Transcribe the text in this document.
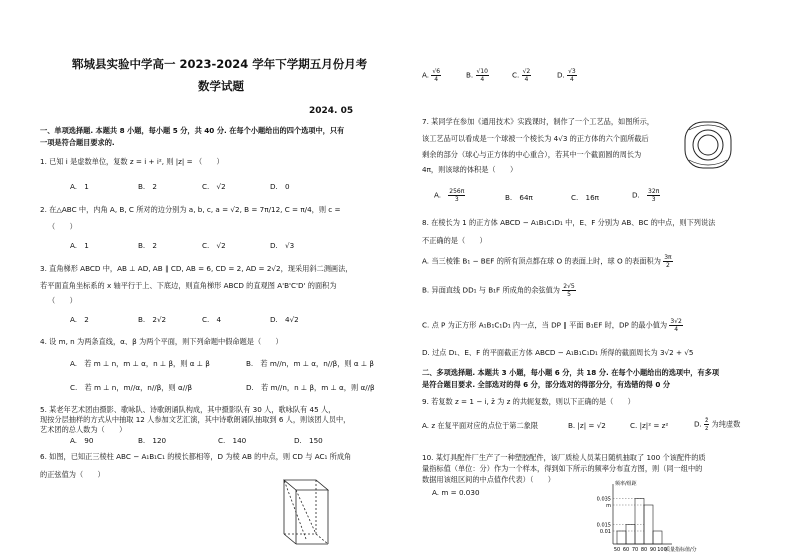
郓城县实验中学高一 2023-2024 学年下学期五月份月考
数学试题
2024. 05
一、单项选择题. 本题共 8 小题，每小题 5 分，共 40 分. 在每个小题给出的四个选项中，只有
一项是符合题目要求的.
1. 已知 i 是虚数单位，复数 z = i + i², 则 |z| = （　　）
A.　1	B.　2	C.　√2	D.　0
2. 在△ABC 中，内角 A, B, C 所对的边分别为 a, b, c, a = √2, B = 7π/12, C = π/4，则 c =
（　　）
A.　1	B.　2	C.　√2	D.　√3
3. 直角梯形 ABCD 中，AB ⊥ AD, AB ∥ CD, AB = 6, CD = 2, AD = 2√2，现采用斜二测画法，
若平面直角坐标系的 x 轴平行于上、下底边，则直角梯形 ABCD 的直观图 A'B'C'D' 的面积为
（　　）
A.　2	B.　2√2	C.　4	D.　4√2
4. 设 m, n 为两条直线，α、β 为两个平面，则下列命题中假命题是（　　）
A.　若 m ⊥ n，m ⊥ α，n ⊥ β，则 α ⊥ β	B.　若 m//n，m ⊥ α，n//β，则 α ⊥ β
C.　若 m ⊥ n，m//α，n//β，则 α//β	D.　若 m//n，n ⊥ β，m ⊥ α，则 α//β
5. 某老年艺术团由摄影、歌咏队、诗歌朗诵队构成，其中摄影队有 30 人，歌咏队有 45 人，
现按分层抽样的方式从中抽取 12 人参加文艺汇演，其中诗歌朗诵队抽取到 6 人，则该团人员中，
艺术团的总人数为（　　）
A.　90	B.　120	C.　140	D.　150
6. 如图，已知正三棱柱 ABC − A₁B₁C₁ 的棱长都相等，D 为棱 AB 的中点，则 CD 与 AC₁ 所成角
的正弦值为（　　）
A. $\frac{√6}{4}$	B. $\frac{√10}{4}$	C. $\frac{√2}{4}$	D. $\frac{√3}{4}$
7. 某同学在参加《通用技术》实践课时，制作了一个工艺品，如图所示，
该工艺品可以看成是一个球被一个棱长为 4√3 的正方体的六个面所截后
剩余的部分（球心与正方体的中心重合），若其中一个截面圆的周长为
4π，则该球的体积是（　　）
A.　 $\frac{256\pi}{3}$	B.　64π	C.　16π	D.　 $\frac{32\pi}{3}$
8. 在棱长为 1 的正方体 ABCD − A₁B₁C₁D₁ 中，E、F 分别为 AB、BC 的中点，则下列说法
不正确的是（　　）
A. 当三棱锥 B₁ − BEF 的所有顶点都在球 O 的表面上时，球 O 的表面积为 $\frac{3\pi}{2}$
B. 异面直线 DD₁ 与 B₁F 所成角的余弦值为 $\frac{2√5}{5}$
C. 点 P 为正方形 A₁B₁C₁D₁ 内一点，当 DP ∥ 平面 B₁EF 时，DP 的最小值为 $\frac{3√2}{4}$
D. 过点 D₁、E、F 的平面截正方体 ABCD − A₁B₁C₁D₁ 所得的截面周长为 3√2 + √5
二、多项选择题. 本题共 3 小题，每小题 6 分，共 18 分. 在每个小题给出的选项中，有多项
是符合题目要求. 全部选对的得 6 分，部分选对的得部分分，有选错的得 0 分
9. 若复数 z = 1 − i, z̄ 为 z 的共轭复数，则以下正确的是（　　）
A. z 在复平面对应的点位于第二象限	B. |z| = √2	C. |z|² = z²	D. $\frac{z̄}{z}$ 为纯虚数
10. 某灯具配件厂生产了一种塑胶配件，该厂质检人员某日随机抽取了 100 个该配件的质
量指标值（单位：分）作为一个样本，得到如下所示的频率分布直方图，则（同一组中的
数据用该组区间的中点值作代表）（　　）
A. m = 0.030
0.035
m
0.015
0.01
50 60 70 80 90 100
质量指标值/分
频率/组距
